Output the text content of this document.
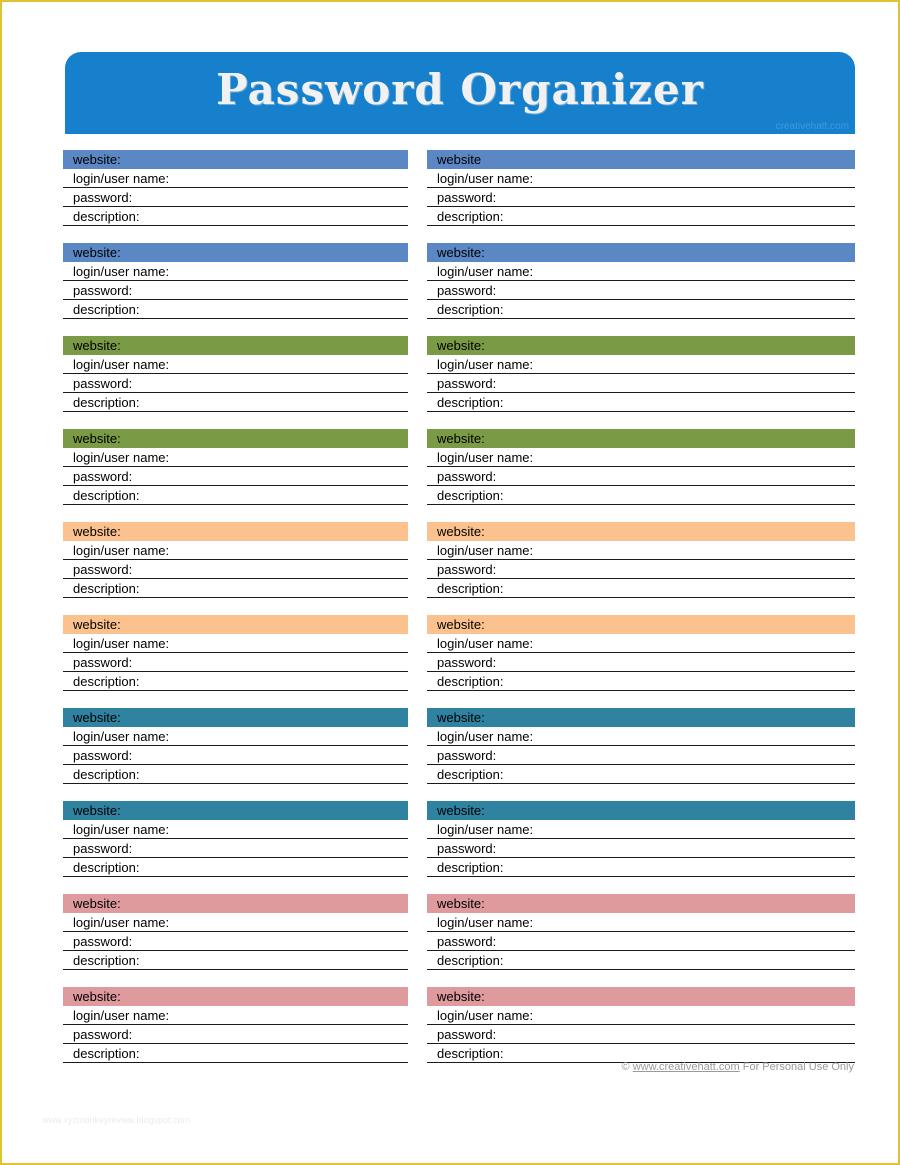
Password Organizer
creativehatt.com
website:
login/user name:
password:
description:
website:
login/user name:
password:
description:
website:
login/user name:
password:
description:
website:
login/user name:
password:
description:
website:
login/user name:
password:
description:
website:
login/user name:
password:
description:
website:
login/user name:
password:
description:
website:
login/user name:
password:
description:
website:
login/user name:
password:
description:
website:
login/user name:
password:
description:
website
login/user name:
password:
description:
website:
login/user name:
password:
description:
website:
login/user name:
password:
description:
website:
login/user name:
password:
description:
website:
login/user name:
password:
description:
website:
login/user name:
password:
description:
website:
login/user name:
password:
description:
website:
login/user name:
password:
description:
website:
login/user name:
password:
description:
website:
login/user name:
password:
description:
© www.creativehatt.com For Personal Use Only
www.xyzmonkeyreview.blogspot.com
